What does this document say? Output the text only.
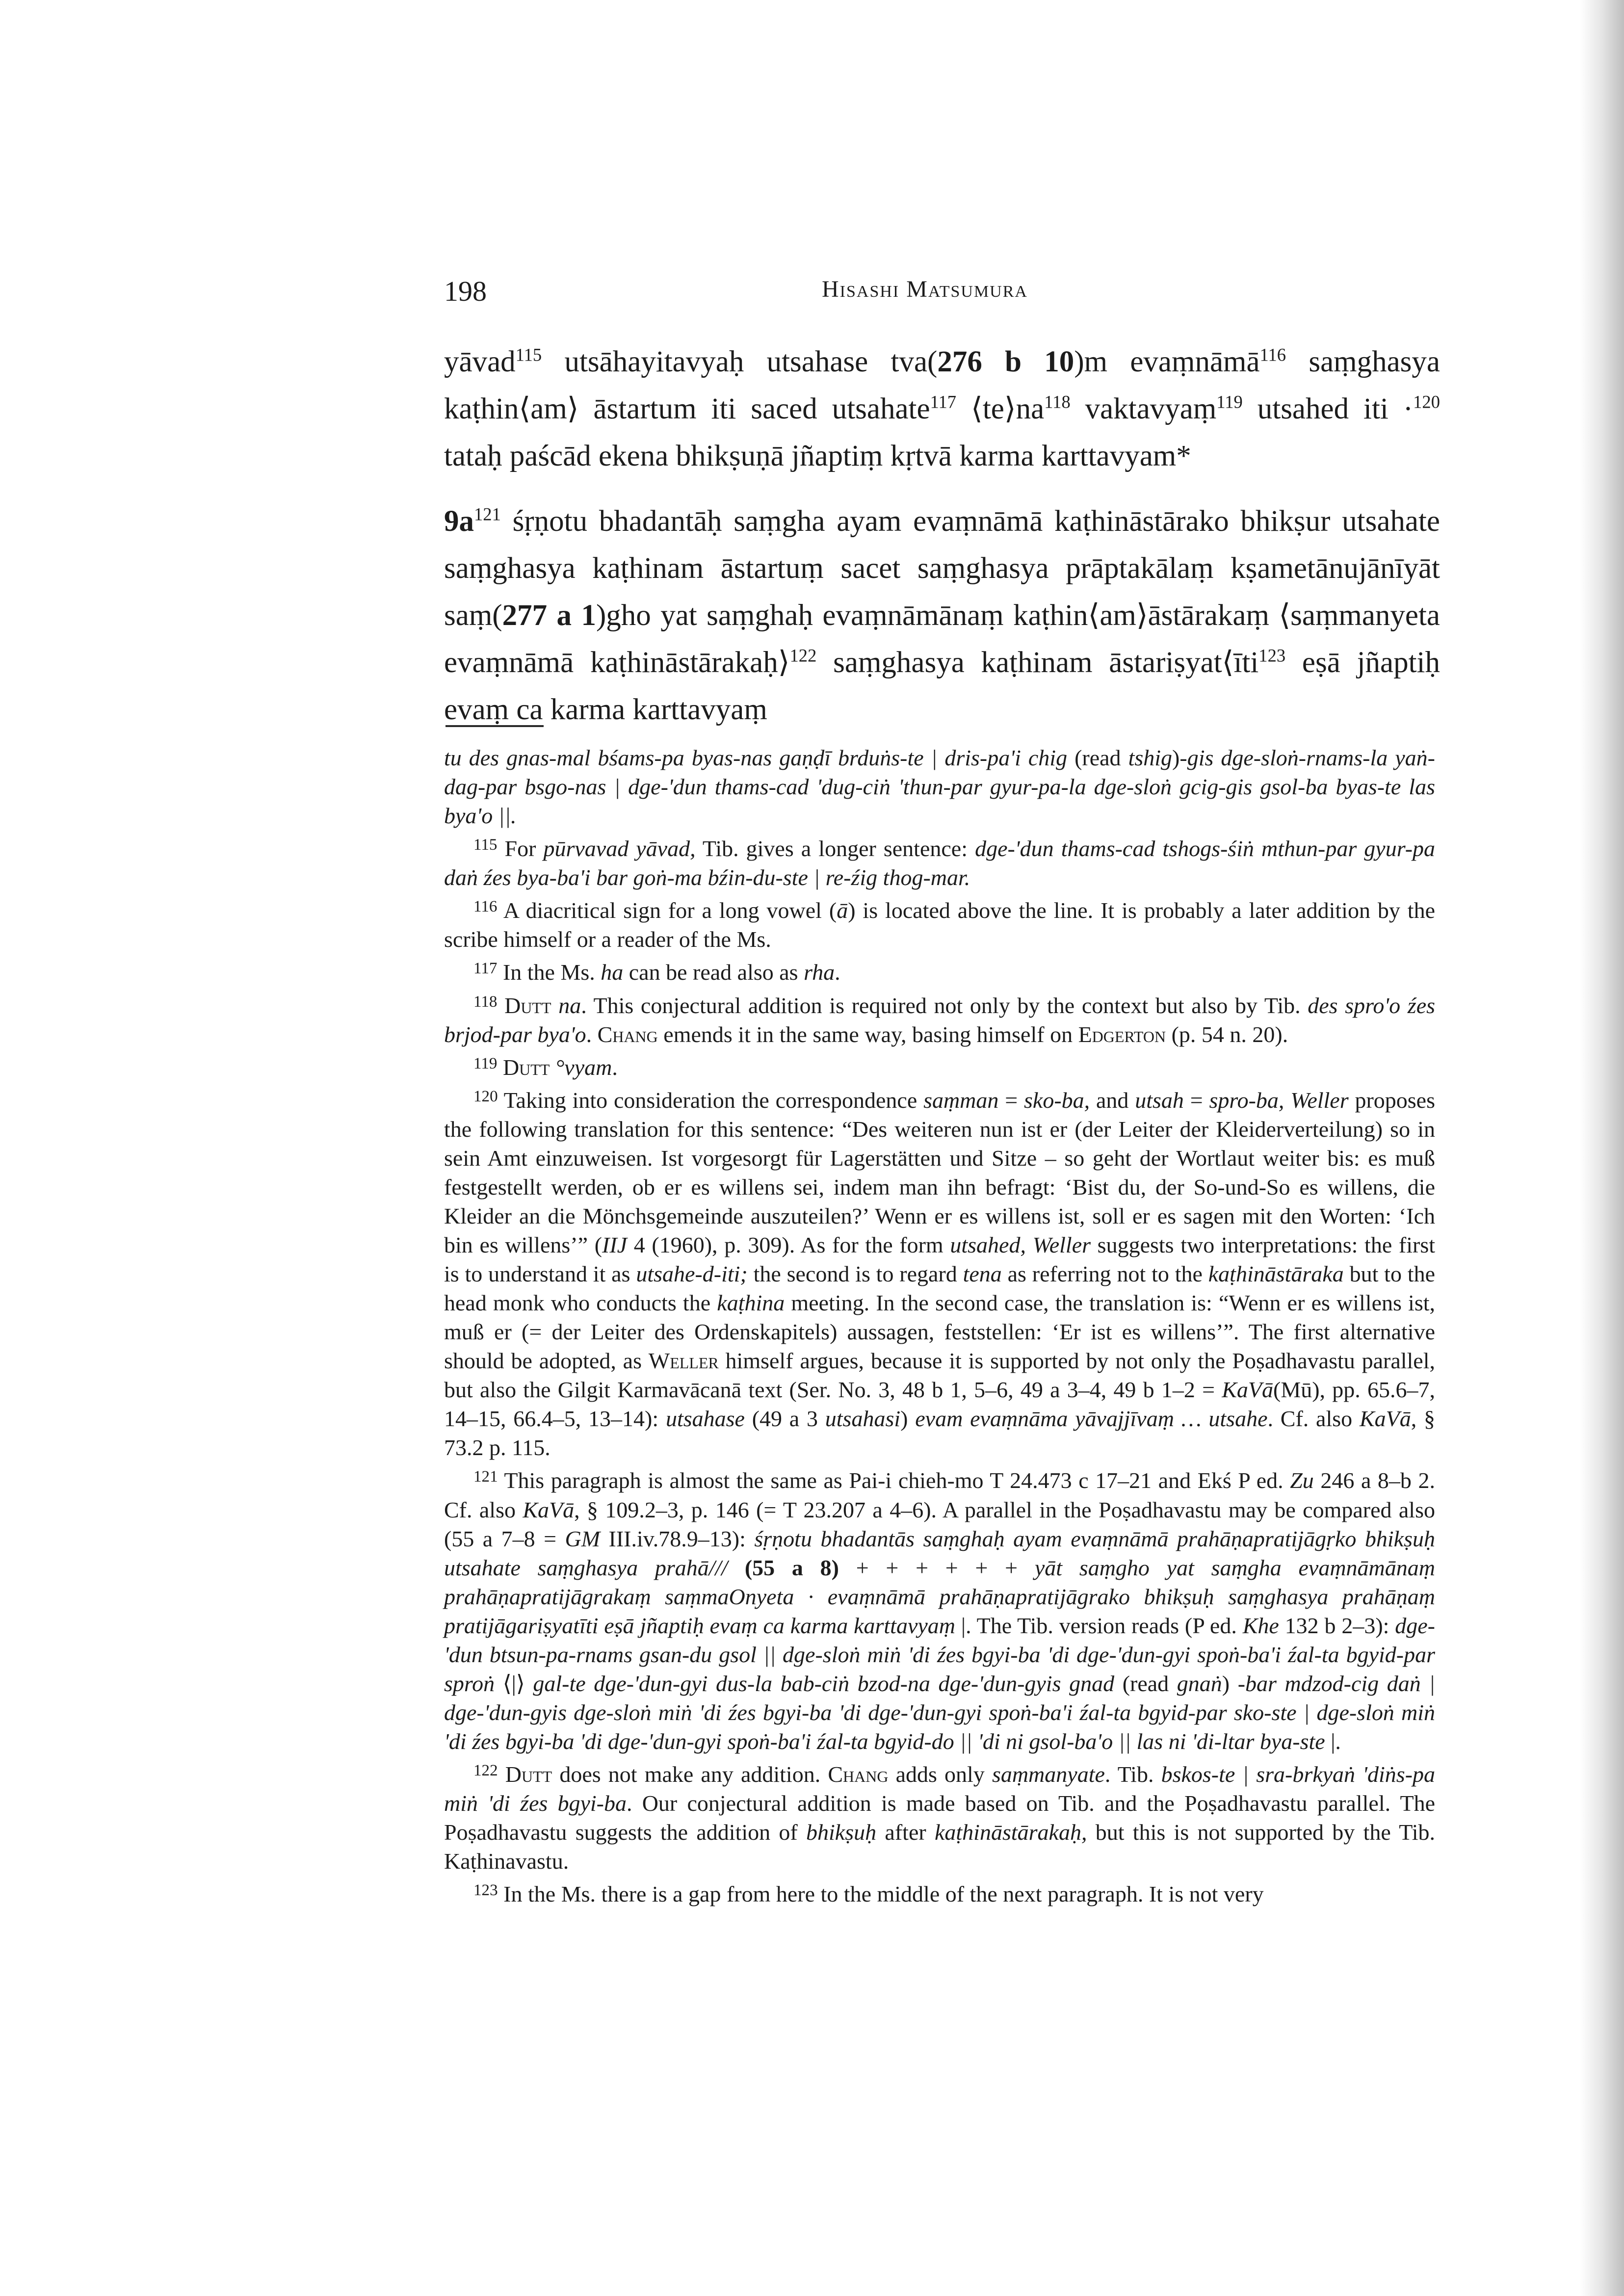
198	Hisashi Matsumura

yāvad$^{115}$ utsāhayitavyaḥ utsahase tva(276 b 10)m evaṃnāmā$^{116}$ saṃghasya kaṭhin⟨am⟩ āstartum iti saced utsahate$^{117}$ $⟨te⟩na^{118}$ vaktavyaṃ$^{119}$ utsahed iti ·$^{120}$ tataḥ paścād ekena bhikṣuṇā jñaptiṃ kṛtvā karma karttavyam*

$9a^{121}$ śṛṇotu bhadantāḥ saṃgha ayam evaṃnāmā kaṭhināstārako bhikṣur utsahate saṃghasya kaṭhinam āstartuṃ sacet saṃghasya prāptakālaṃ kṣametānujānīyāt saṃ(277 a 1)gho yat saṃghaḥ evaṃnāmānaṃ kaṭhin⟨am⟩āstārakaṃ ⟨saṃmanyeta evaṃnāmā kaṭhināstārakaḥ⟩$^{122}$ saṃghasya kaṭhinam āstariṣyat⟨īti$^{123}$ eṣā jñaptiḥ evaṃ ca karma karttavyaṃ

tu des gnas-mal bśams-pa byas-nas gaṇḍī brduṅs-te | dris-pa'i chig (read tshig)-gis dge-sloṅ-rnams-la yaṅ-dag-par bsgo-nas | dge-'dun thams-cad 'dug-ciṅ 'thun-par gyur-pa-la dge-sloṅ gcig-gis gsol-ba byas-te las bya'o ||.

$^{115}$ For pūrvavad yāvad, Tib. gives a longer sentence: dge-'dun thams-cad tshogs-śiṅ mthun-par gyur-pa daṅ źes bya-ba'i bar goṅ-ma bźin-du-ste | re-źig thog-mar.

$^{116}$ A diacritical sign for a long vowel (ā) is located above the line. It is probably a later addition by the scribe himself or a reader of the Ms.

$^{117}$ In the Ms. ha can be read also as rha.

$^{118}$ Dutt na. This conjectural addition is required not only by the context but also by Tib. des spro'o źes brjod-par bya'o. Chang emends it in the same way, basing himself on Edgerton (p. 54 n. 20).

$^{119}$ Dutt °vyam.

$^{120}$ Taking into consideration the correspondence saṃman = sko-ba, and utsah = spro-ba, Weller proposes the following translation for this sentence: “Des weiteren nun ist er (der Leiter der Kleiderverteilung) so in sein Amt einzuweisen. Ist vorgesorgt für Lagerstätten und Sitze – so geht der Wortlaut weiter bis: es muß festgestellt werden, ob er es willens sei, indem man ihn befragt: ‘Bist du, der So-und-So es willens, die Kleider an die Mönchsgemeinde auszuteilen?’ Wenn er es willens ist, soll er es sagen mit den Worten: ‘Ich bin es willens’” (IIJ 4 (1960), p. 309). As for the form utsahed, Weller suggests two interpretations: the first is to understand it as utsahe-d-iti; the second is to regard tena as referring not to the kaṭhināstāraka but to the head monk who conducts the kaṭhina meeting. In the second case, the translation is: “Wenn er es willens ist, muß er (= der Leiter des Ordenskapitels) aussagen, feststellen: ‘Er ist es willens’”. The first alternative should be adopted, as Weller himself argues, because it is supported by not only the Poṣadhavastu parallel, but also the Gilgit Karmavācanā text (Ser. No. 3, 48 b 1, 5–6, 49 a 3–4, 49 b 1–2 = KaVā(Mū), pp. 65.6–7, 14–15, 66.4–5, 13–14): utsahase (49 a 3 utsahasi) evam evaṃnāma yāvajjīvaṃ … utsahe. Cf. also KaVā, § 73.2 p. 115.

$^{121}$ This paragraph is almost the same as Pai-i chieh-mo T 24.473 c 17–21 and Ekś P ed. Zu 246 a 8–b 2. Cf. also KaVā, § 109.2–3, p. 146 (= T 23.207 a 4–6). A parallel in the Poṣadhavastu may be compared also (55 a 7–8 = GM III.iv.78.9–13): śṛṇotu bhadantās saṃghaḥ ayam evaṃnāmā prahāṇapratijāgṛko bhikṣuḥ utsahate saṃghasya prahā/// (55 a 8) + + + + + + yāt saṃgho yat saṃgha evaṃnāmānaṃ prahāṇapratijāgrakaṃ saṃmaOnyeta · evaṃnāmā prahāṇapratijāgrako bhikṣuḥ saṃghasya prahāṇaṃ pratijāgariṣyatīti eṣā jñaptiḥ evaṃ ca karma karttavyaṃ |. The Tib. version reads (P ed. Khe 132 b 2–3): dge-'dun btsun-pa-rnams gsan-du gsol || dge-sloṅ miṅ 'di źes bgyi-ba 'di dge-'dun-gyi spoṅ-ba'i źal-ta bgyid-par sproṅ ⟨|⟩ gal-te dge-'dun-gyi dus-la bab-ciṅ bzod-na dge-'dun-gyis gnad (read gnaṅ) -bar mdzod-cig daṅ | dge-'dun-gyis dge-sloṅ miṅ 'di źes bgyi-ba 'di dge-'dun-gyi spoṅ-ba'i źal-ta bgyid-par sko-ste | dge-sloṅ miṅ 'di źes bgyi-ba 'di dge-'dun-gyi spoṅ-ba'i źal-ta bgyid-do || 'di ni gsol-ba'o || las ni 'di-ltar bya-ste |.

$^{122}$ Dutt does not make any addition. Chang adds only saṃmanyate. Tib. bskos-te | sra-brkyaṅ 'diṅs-pa miṅ 'di źes bgyi-ba. Our conjectural addition is made based on Tib. and the Poṣadhavastu parallel. The Poṣadhavastu suggests the addition of bhikṣuḥ after kaṭhināstārakaḥ, but this is not supported by the Tib. Kaṭhinavastu.

$^{123}$ In the Ms. there is a gap from here to the middle of the next paragraph. It is not very
